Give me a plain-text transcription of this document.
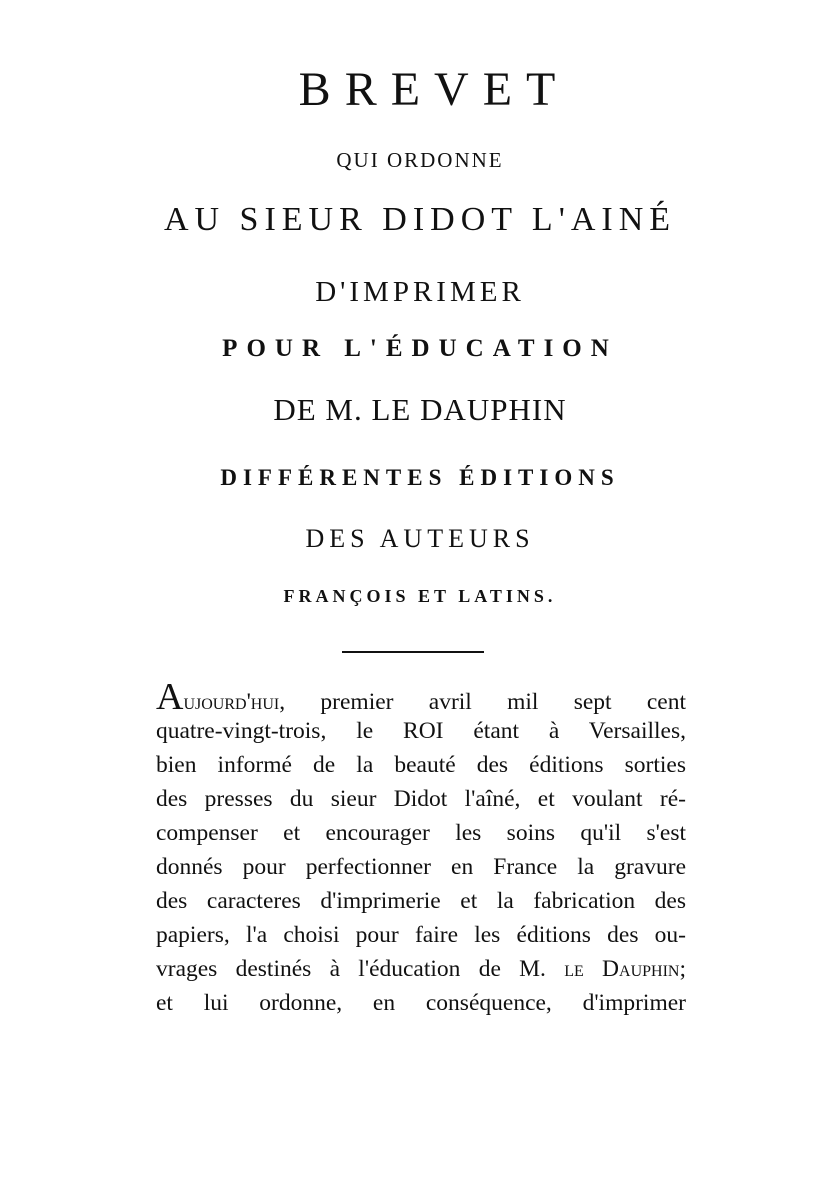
BREVET
QUI ORDONNE
AU SIEUR DIDOT L'AINÉ
D'IMPRIMER
POUR L'ÉDUCATION
DE M. LE DAUPHIN
DIFFÉRENTES ÉDITIONS
DES AUTEURS
FRANÇOIS ET LATINS.
Aujourd'hui, premier avril mil sept cent
quatre-vingt-trois, le ROI étant à Versailles,
bien informé de la beauté des éditions sorties
des presses du sieur Didot l'aîné, et voulant ré-
compenser et encourager les soins qu'il s'est
donnés pour perfectionner en France la gravure
des caracteres d'imprimerie et la fabrication des
papiers, l'a choisi pour faire les éditions des ou-
vrages destinés à l'éducation de M. le Dauphin;
et lui ordonne, en conséquence, d'imprimer
